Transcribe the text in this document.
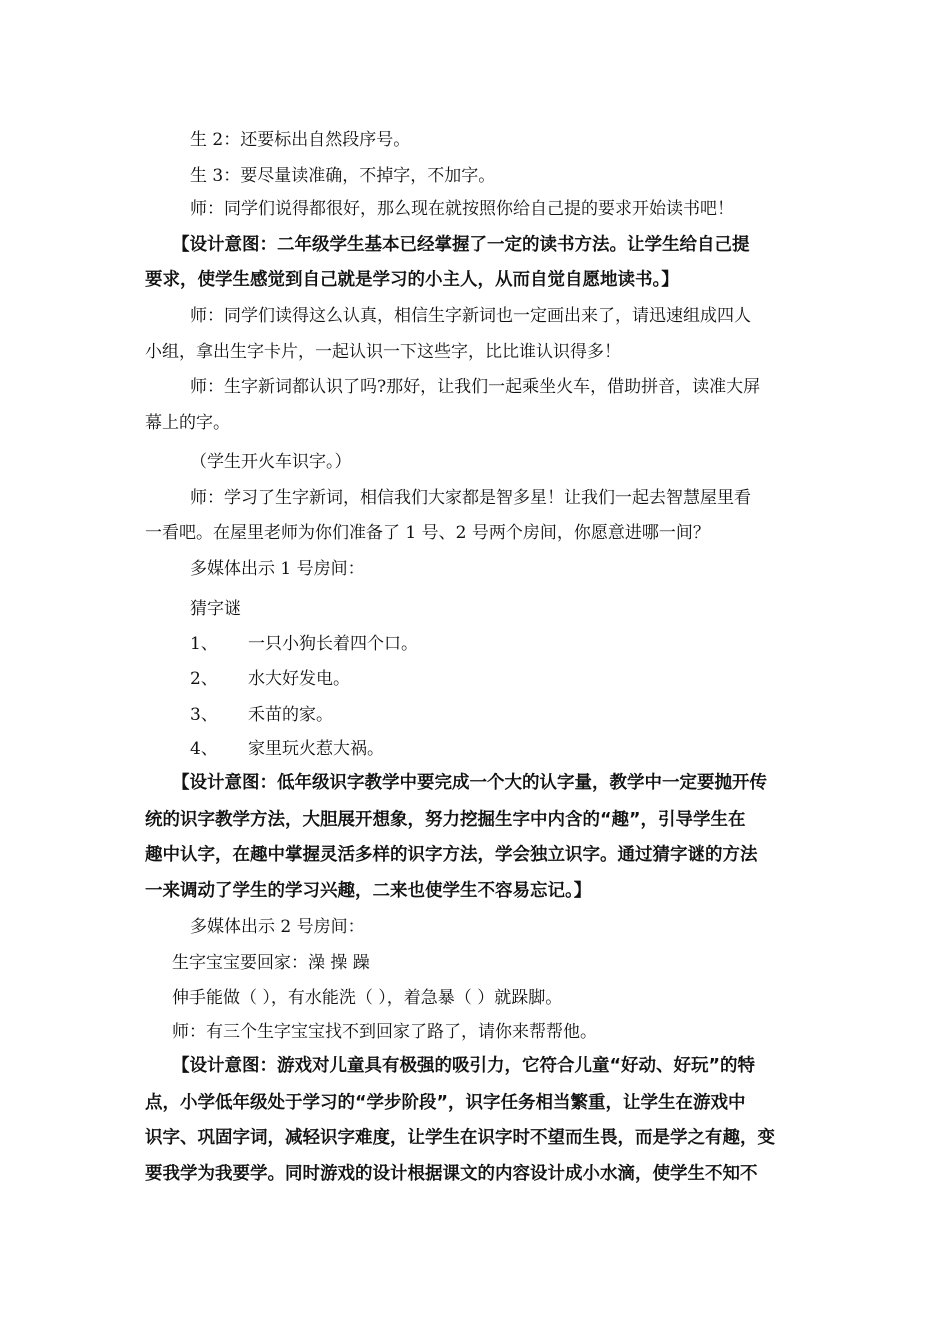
生 2：还要标出自然段序号。
生 3：要尽量读准确，不掉字，不加字。
师：同学们说得都很好，那么现在就按照你给自己提的要求开始读书吧！
【设计意图：二年级学生基本已经掌握了一定的读书方法。让学生给自己提
要求，使学生感觉到自己就是学习的小主人，从而自觉自愿地读书。】
师：同学们读得这么认真，相信生字新词也一定画出来了，请迅速组成四人
小组，拿出生字卡片，一起认识一下这些字，比比谁认识得多！
师：生字新词都认识了吗?那好，让我们一起乘坐火车，借助拼音，读准大屏
幕上的字。
（学生开火车识字。）
师：学习了生字新词，相信我们大家都是智多星！让我们一起去智慧屋里看
一看吧。在屋里老师为你们准备了 1 号、2 号两个房间，你愿意进哪一间？
多媒体出示 1 号房间：
猜字谜
1、 一只小狗长着四个口。
2、 水大好发电。
3、 禾苗的家。
4、 家里玩火惹大祸。
【设计意图：低年级识字教学中要完成一个大的认字量，教学中一定要抛开传
统的识字教学方法，大胆展开想象，努力挖掘生字中内含的“趣”，引导学生在
趣中认字，在趣中掌握灵活多样的识字方法，学会独立识字。通过猜字谜的方法
一来调动了学生的学习兴趣，二来也使学生不容易忘记。】
多媒体出示 2 号房间：
生字宝宝要回家：澡 操 躁
伸手能做（ ），有水能洗（ ），着急暴（ ）就跺脚。
师：有三个生字宝宝找不到回家了路了，请你来帮帮他。
【设计意图：游戏对儿童具有极强的吸引力，它符合儿童“好动、好玩”的特
点，小学低年级处于学习的“学步阶段”，识字任务相当繁重，让学生在游戏中
识字、巩固字词，减轻识字难度，让学生在识字时不望而生畏，而是学之有趣，变
要我学为我要学。同时游戏的设计根据课文的内容设计成小水滴，使学生不知不
